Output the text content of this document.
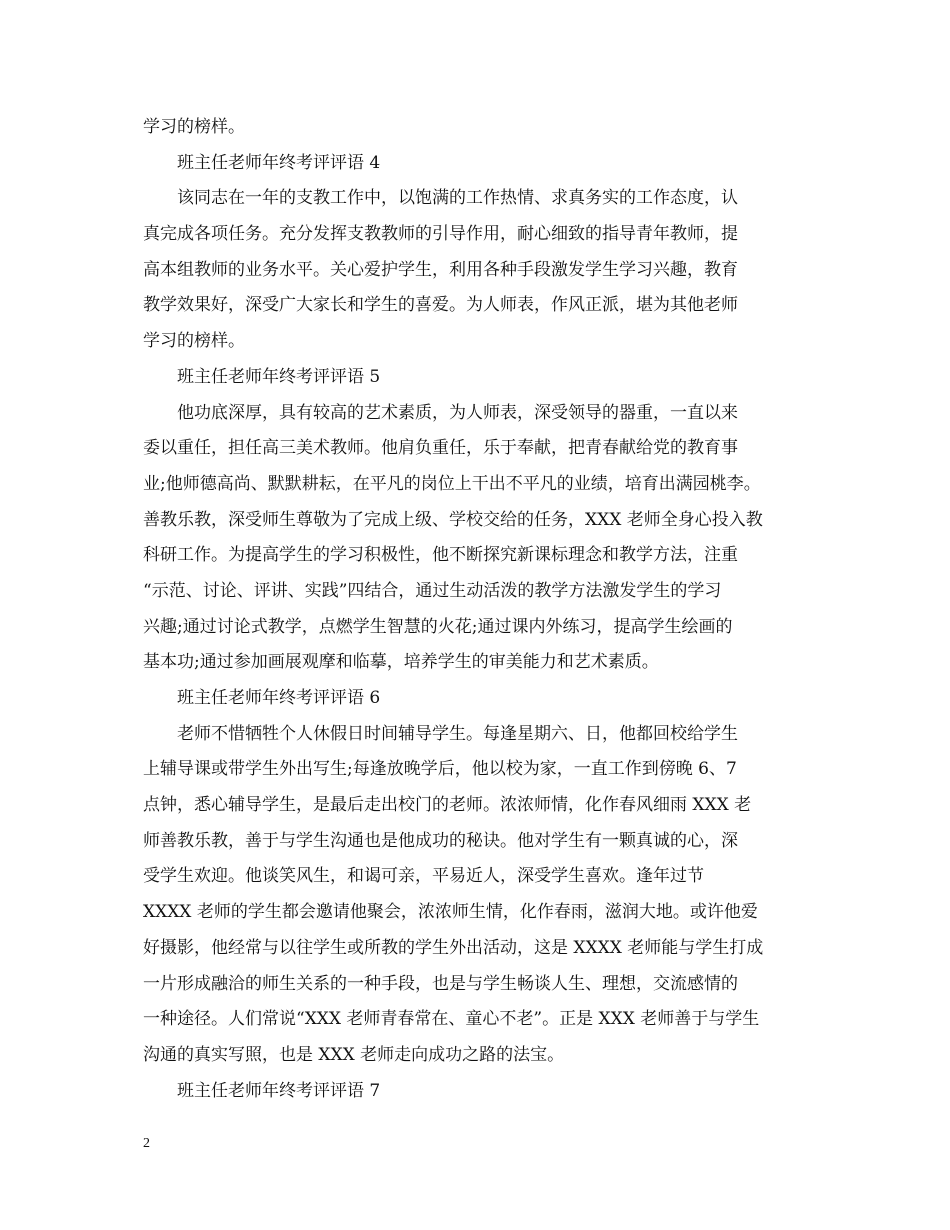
学习的榜样。
班主任老师年终考评评语 4
　　该同志在一年的支教工作中，以饱满的工作热情、求真务实的工作态度，认
真完成各项任务。充分发挥支教教师的引导作用，耐心细致的指导青年教师，提
高本组教师的业务水平。关心爱护学生，利用各种手段激发学生学习兴趣，教育
教学效果好，深受广大家长和学生的喜爱。为人师表，作风正派，堪为其他老师
学习的榜样。
班主任老师年终考评评语 5
　　他功底深厚，具有较高的艺术素质，为人师表，深受领导的器重，一直以来
委以重任，担任高三美术教师。他肩负重任，乐于奉献，把青春献给党的教育事
业;他师德高尚、默默耕耘，在平凡的岗位上干出不平凡的业绩，培育出满园桃李。
善教乐教，深受师生尊敬为了完成上级、学校交给的任务，XXX 老师全身心投入教
科研工作。为提高学生的学习积极性，他不断探究新课标理念和教学方法，注重
“示范、讨论、评讲、实践”四结合，通过生动活泼的教学方法激发学生的学习
兴趣;通过讨论式教学，点燃学生智慧的火花;通过课内外练习，提高学生绘画的
基本功;通过参加画展观摩和临摹，培养学生的审美能力和艺术素质。
班主任老师年终考评评语 6
　　老师不惜牺牲个人休假日时间辅导学生。每逢星期六、日，他都回校给学生
上辅导课或带学生外出写生;每逢放晚学后，他以校为家，一直工作到傍晚 6、7
点钟，悉心辅导学生，是最后走出校门的老师。浓浓师情，化作春风细雨 XXX 老
师善教乐教，善于与学生沟通也是他成功的秘诀。他对学生有一颗真诚的心，深
受学生欢迎。他谈笑风生，和谒可亲，平易近人，深受学生喜欢。逢年过节
XXXX 老师的学生都会邀请他聚会，浓浓师生情，化作春雨，滋润大地。或许他爱
好摄影，他经常与以往学生或所教的学生外出活动，这是 XXXX 老师能与学生打成
一片形成融洽的师生关系的一种手段，也是与学生畅谈人生、理想，交流感情的
一种途径。人们常说“XXX 老师青春常在、童心不老”。正是 XXX 老师善于与学生
沟通的真实写照，也是 XXX 老师走向成功之路的法宝。
班主任老师年终考评评语 7
2
